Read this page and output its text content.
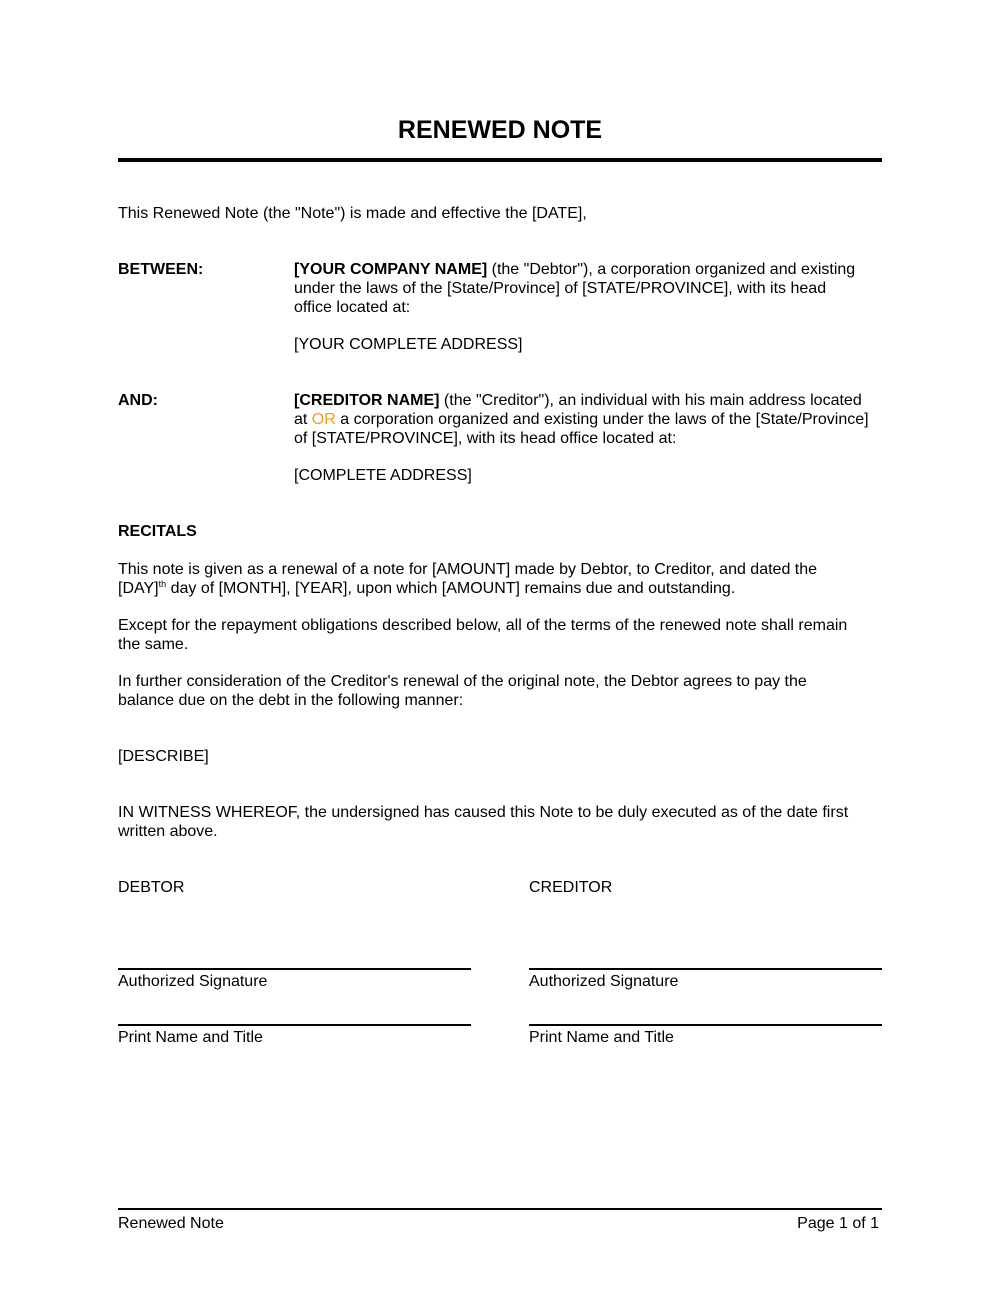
RENEWED NOTE
This Renewed Note (the "Note") is made and effective the [DATE],
BETWEEN:	[YOUR COMPANY NAME] (the "Debtor"), a corporation organized and existing
under the laws of the [State/Province] of [STATE/PROVINCE], with its head
office located at:
[YOUR COMPLETE ADDRESS]
AND:	[CREDITOR NAME] (the "Creditor"), an individual with his main address located
at OR a corporation organized and existing under the laws of the [State/Province]
of [STATE/PROVINCE], with its head office located at:
[COMPLETE ADDRESS]
RECITALS
This note is given as a renewal of a note for [AMOUNT] made by Debtor, to Creditor, and dated the
[DAY]$^{th}$ day of [MONTH], [YEAR], upon which [AMOUNT] remains due and outstanding.
Except for the repayment obligations described below, all of the terms of the renewed note shall remain
the same.
In further consideration of the Creditor's renewal of the original note, the Debtor agrees to pay the
balance due on the debt in the following manner:
[DESCRIBE]
IN WITNESS WHEREOF, the undersigned has caused this Note to be duly executed as of the date first
written above.
DEBTOR
Authorized Signature
Print Name and Title
CREDITOR
Authorized Signature
Print Name and Title
Renewed Note	Page 1 of 1
